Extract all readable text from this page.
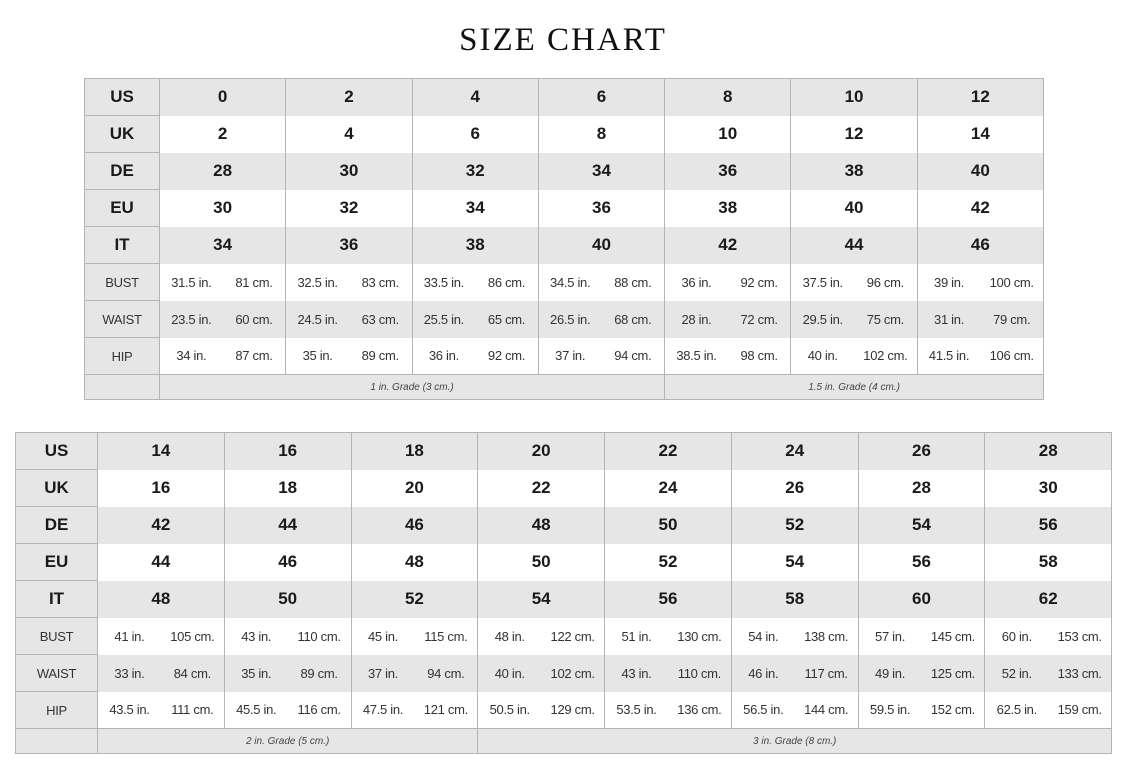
SIZE CHART
US	0		2		4		6		8		10		12	
UK	2		4		6		8		10		12		14	
DE	28		30		32		34		36		38		40	
EU	30		32		34		36		38		40		42	
IT	34		36		38		40		42		44		46	
BUST	31.5 in.	81 cm.	32.5 in.	83 cm.	33.5 in.	86 cm.	34.5 in.	88 cm.	36 in.	92 cm.	37.5 in.	96 cm.	39 in.	100 cm.
WAIST	23.5 in.	60 cm.	24.5 in.	63 cm.	25.5 in.	65 cm.	26.5 in.	68 cm.	28 in.	72 cm.	29.5 in.	75 cm.	31 in.	79 cm.
HIP	34 in.	87 cm.	35 in.	89 cm.	36 in.	92 cm.	37 in.	94 cm.	38.5 in.	98 cm.	40 in.	102 cm.	41.5 in.	106 cm.
	1 in. Grade (3 cm.)								1.5 in. Grade (4 cm.)					
US	14		16		18		20		22		24		26		28	
UK	16		18		20		22		24		26		28		30	
DE	42		44		46		48		50		52		54		56	
EU	44		46		48		50		52		54		56		58	
IT	48		50		52		54		56		58		60		62	
BUST	41 in.	105 cm.	43 in.	110 cm.	45 in.	115 cm.	48 in.	122 cm.	51 in.	130 cm.	54 in.	138 cm.	57 in.	145 cm.	60 in.	153 cm.
WAIST	33 in.	84 cm.	35 in.	89 cm.	37 in.	94 cm.	40 in.	102 cm.	43 in.	110 cm.	46 in.	117 cm.	49 in.	125 cm.	52 in.	133 cm.
HIP	43.5 in.	111 cm.	45.5 in.	116 cm.	47.5 in.	121 cm.	50.5 in.	129 cm.	53.5 in.	136 cm.	56.5 in.	144 cm.	59.5 in.	152 cm.	62.5 in.	159 cm.
	2 in. Grade (5 cm.)						3 in. Grade (8 cm.)									
